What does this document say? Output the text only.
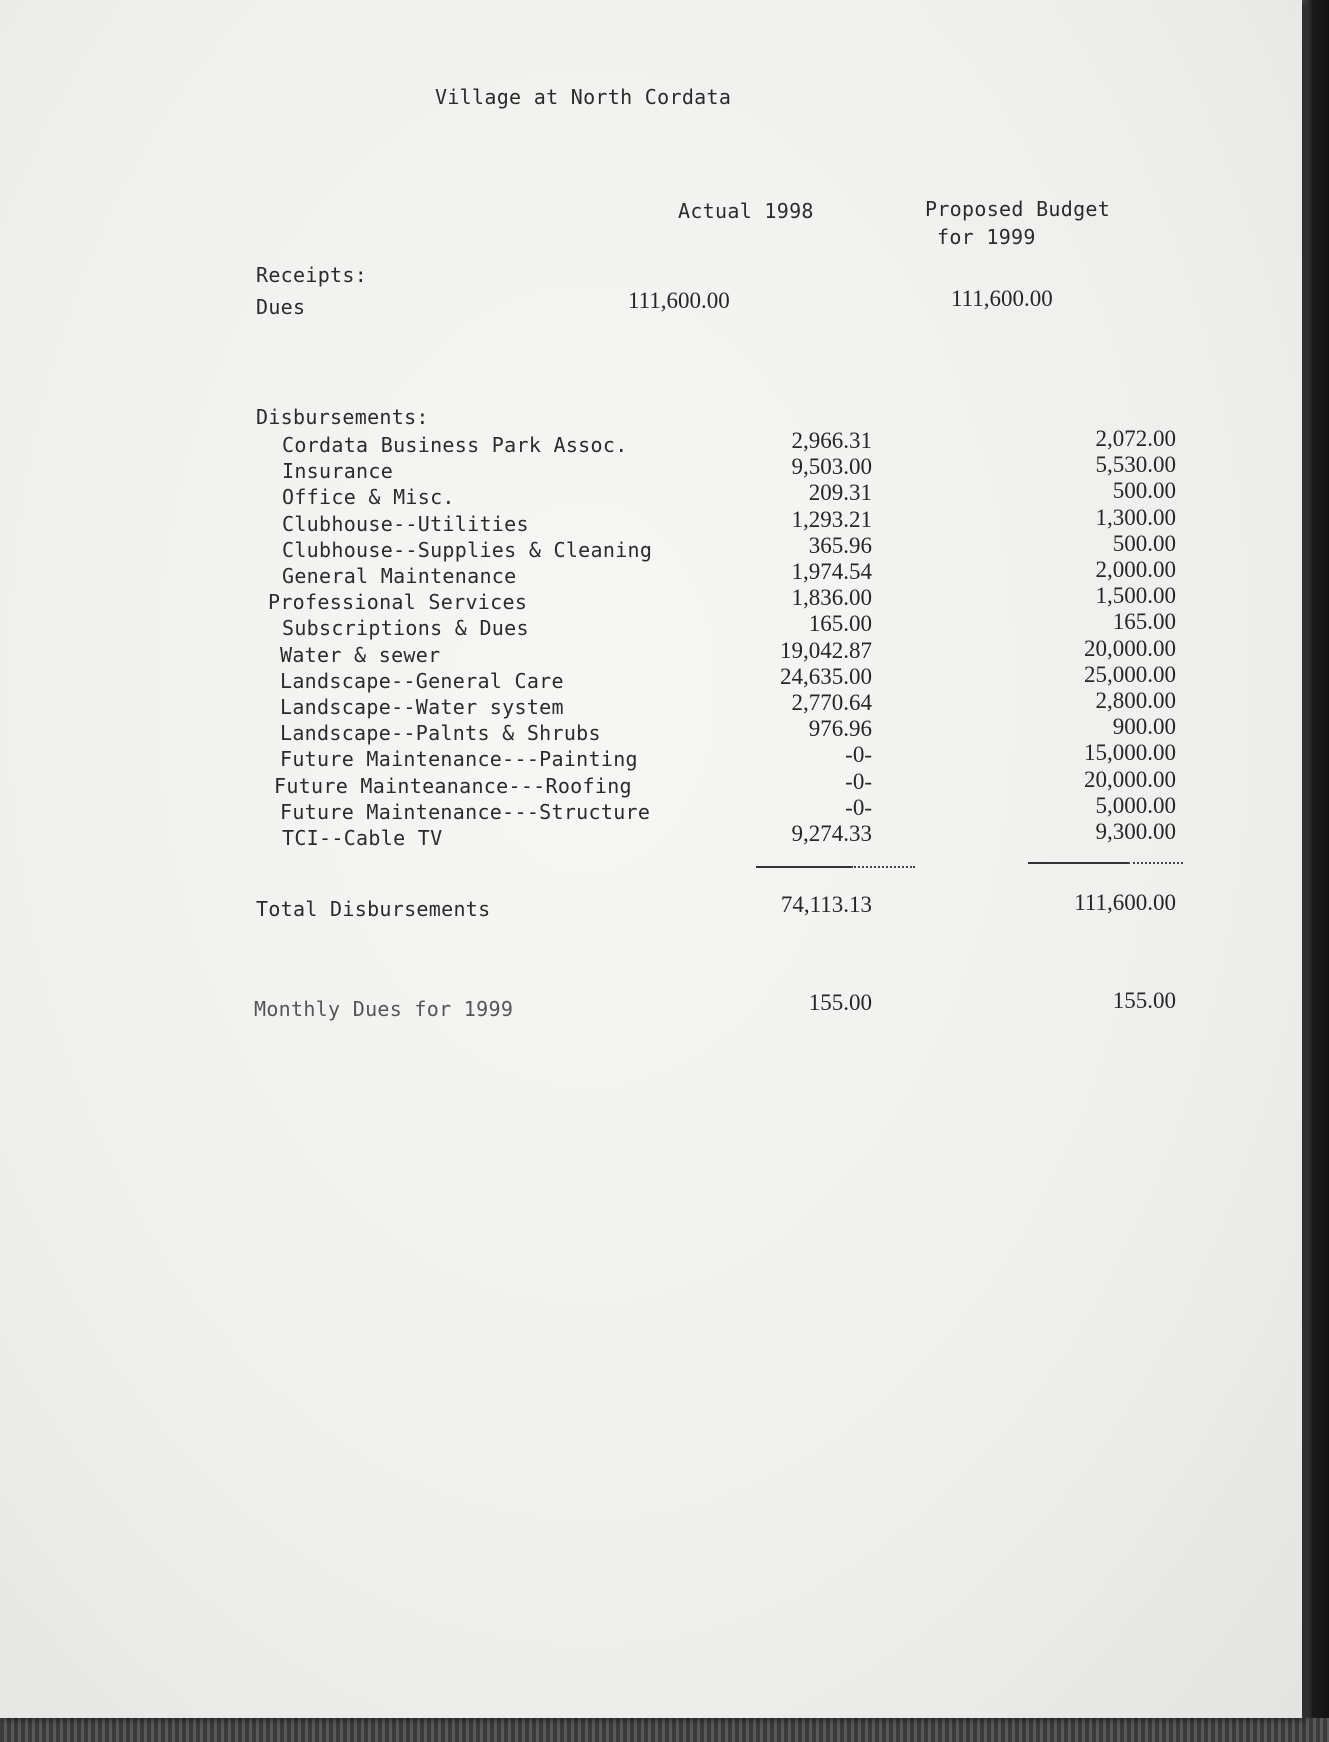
Village at North Cordata
Actual 1998	Proposed Budget
for 1999
Receipts:
Dues	111,600.00	111,600.00
Disbursements:
Cordata Business Park Assoc.	2,966.31	2,072.00
Insurance	9,503.00	5,530.00
Office & Misc.	209.31	500.00
Clubhouse--Utilities	1,293.21	1,300.00
Clubhouse--Supplies & Cleaning	365.96	500.00
General Maintenance	1,974.54	2,000.00
Professional Services	1,836.00	1,500.00
Subscriptions & Dues	165.00	165.00
Water & sewer	19,042.87	20,000.00
Landscape--General Care	24,635.00	25,000.00
Landscape--Water system	2,770.64	2,800.00
Landscape--Palnts & Shrubs	976.96	900.00
Future Maintenance---Painting	-0-	15,000.00
Future Mainteanance---Roofing	-0-	20,000.00
Future Maintenance---Structure	-0-	5,000.00
TCI--Cable TV	9,274.33	9,300.00
Total Disbursements	74,113.13	111,600.00
Monthly Dues for 1999	155.00	155.00
